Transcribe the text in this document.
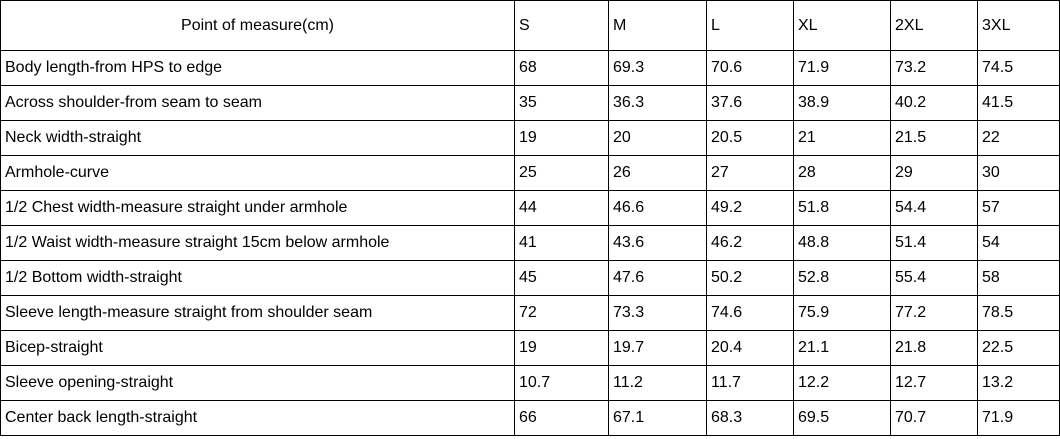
Point of measure(cm)	S	M	L	XL	2XL	3XL
Body length-from HPS to edge	68	69.3	70.6	71.9	73.2	74.5
Across shoulder-from seam to seam	35	36.3	37.6	38.9	40.2	41.5
Neck width-straight	19	20	20.5	21	21.5	22
Armhole-curve	25	26	27	28	29	30
1/2 Chest width-measure straight under armhole	44	46.6	49.2	51.8	54.4	57
1/2 Waist width-measure straight 15cm below armhole	41	43.6	46.2	48.8	51.4	54
1/2 Bottom width-straight	45	47.6	50.2	52.8	55.4	58
Sleeve length-measure straight from shoulder seam	72	73.3	74.6	75.9	77.2	78.5
Bicep-straight	19	19.7	20.4	21.1	21.8	22.5
Sleeve opening-straight	10.7	11.2	11.7	12.2	12.7	13.2
Center back length-straight	66	67.1	68.3	69.5	70.7	71.9
